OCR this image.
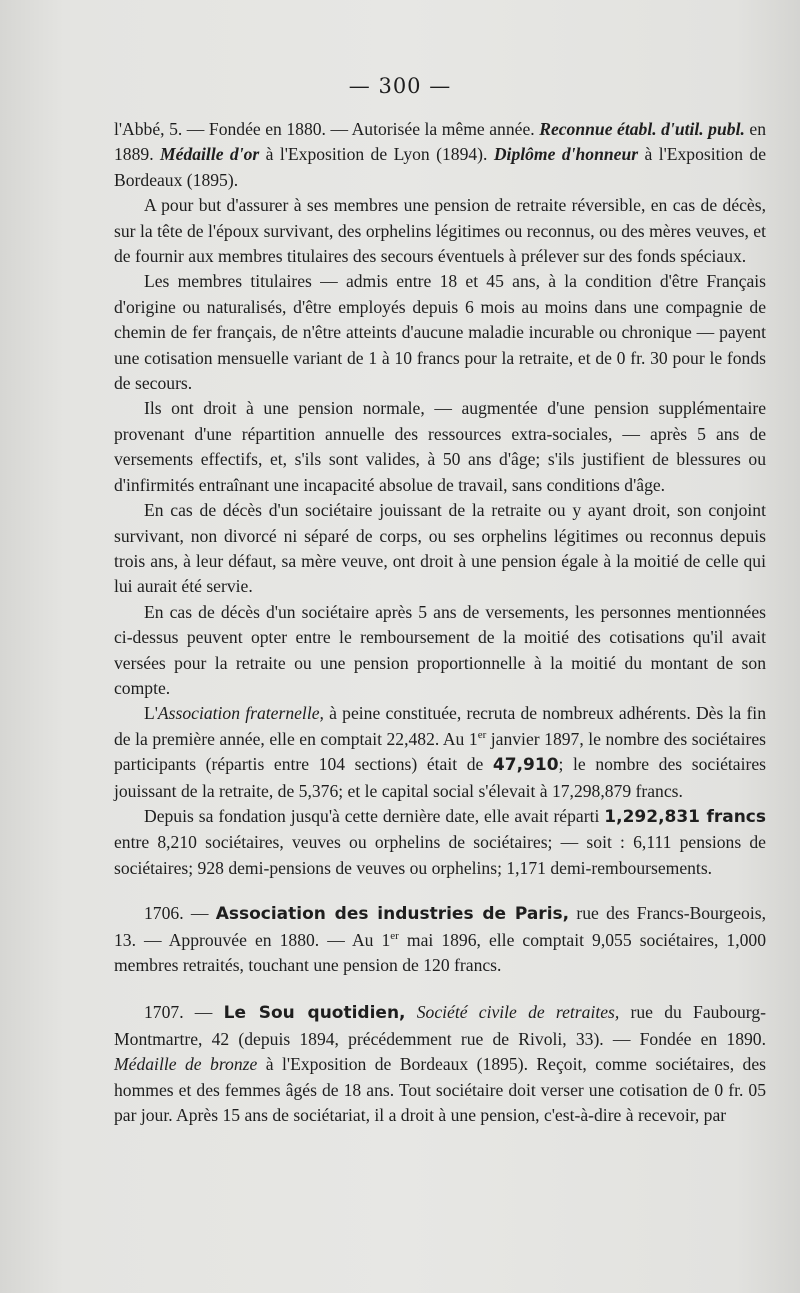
— 300 —

l'Abbé, 5. — Fondée en 1880. — Autorisée la même année. Reconnue établ. d'util. publ. en 1889. Médaille d'or à l'Exposition de Lyon (1894). Diplôme d'honneur à l'Exposition de Bordeaux (1895).

A pour but d'assurer à ses membres une pension de retraite réversible, en cas de décès, sur la tête de l'époux survivant, des orphelins légitimes ou reconnus, ou des mères veuves, et de fournir aux membres titulaires des secours éventuels à prélever sur des fonds spéciaux.

Les membres titulaires — admis entre 18 et 45 ans, à la condition d'être Français d'origine ou naturalisés, d'être employés depuis 6 mois au moins dans une compagnie de chemin de fer français, de n'être atteints d'aucune maladie incurable ou chronique — payent une cotisation mensuelle variant de 1 à 10 francs pour la retraite, et de 0 fr. 30 pour le fonds de secours.

Ils ont droit à une pension normale, — augmentée d'une pension supplémentaire provenant d'une répartition annuelle des ressources extra-sociales, — après 5 ans de versements effectifs, et, s'ils sont valides, à 50 ans d'âge; s'ils justifient de blessures ou d'infirmités entraînant une incapacité absolue de travail, sans conditions d'âge.

En cas de décès d'un sociétaire jouissant de la retraite ou y ayant droit, son conjoint survivant, non divorcé ni séparé de corps, ou ses orphelins légitimes ou reconnus depuis trois ans, à leur défaut, sa mère veuve, ont droit à une pension égale à la moitié de celle qui lui aurait été servie.

En cas de décès d'un sociétaire après 5 ans de versements, les personnes mentionnées ci-dessus peuvent opter entre le remboursement de la moitié des cotisations qu'il avait versées pour la retraite ou une pension proportionnelle à la moitié du montant de son compte.

L'Association fraternelle, à peine constituée, recruta de nombreux adhérents. Dès la fin de la première année, elle en comptait 22,482. Au 1er janvier 1897, le nombre des sociétaires participants (répartis entre 104 sections) était de 47,910; le nombre des sociétaires jouissant de la retraite, de 5,376; et le capital social s'élevait à 17,298,879 francs.

Depuis sa fondation jusqu'à cette dernière date, elle avait réparti 1,292,831 francs entre 8,210 sociétaires, veuves ou orphelins de sociétaires; — soit : 6,111 pensions de sociétaires; 928 demi-pensions de veuves ou orphelins; 1,171 demi-remboursements.

1706. — Association des industries de Paris, rue des Francs-Bourgeois, 13. — Approuvée en 1880. — Au 1er mai 1896, elle comptait 9,055 sociétaires, 1,000 membres retraités, touchant une pension de 120 francs.

1707. — Le Sou quotidien, Société civile de retraites, rue du Faubourg-Montmartre, 42 (depuis 1894, précédemment rue de Rivoli, 33). — Fondée en 1890. Médaille de bronze à l'Exposition de Bordeaux (1895). Reçoit, comme sociétaires, des hommes et des femmes âgés de 18 ans. Tout sociétaire doit verser une cotisation de 0 fr. 05 par jour. Après 15 ans de sociétariat, il a droit à une pension, c'est-à-dire à recevoir, par
